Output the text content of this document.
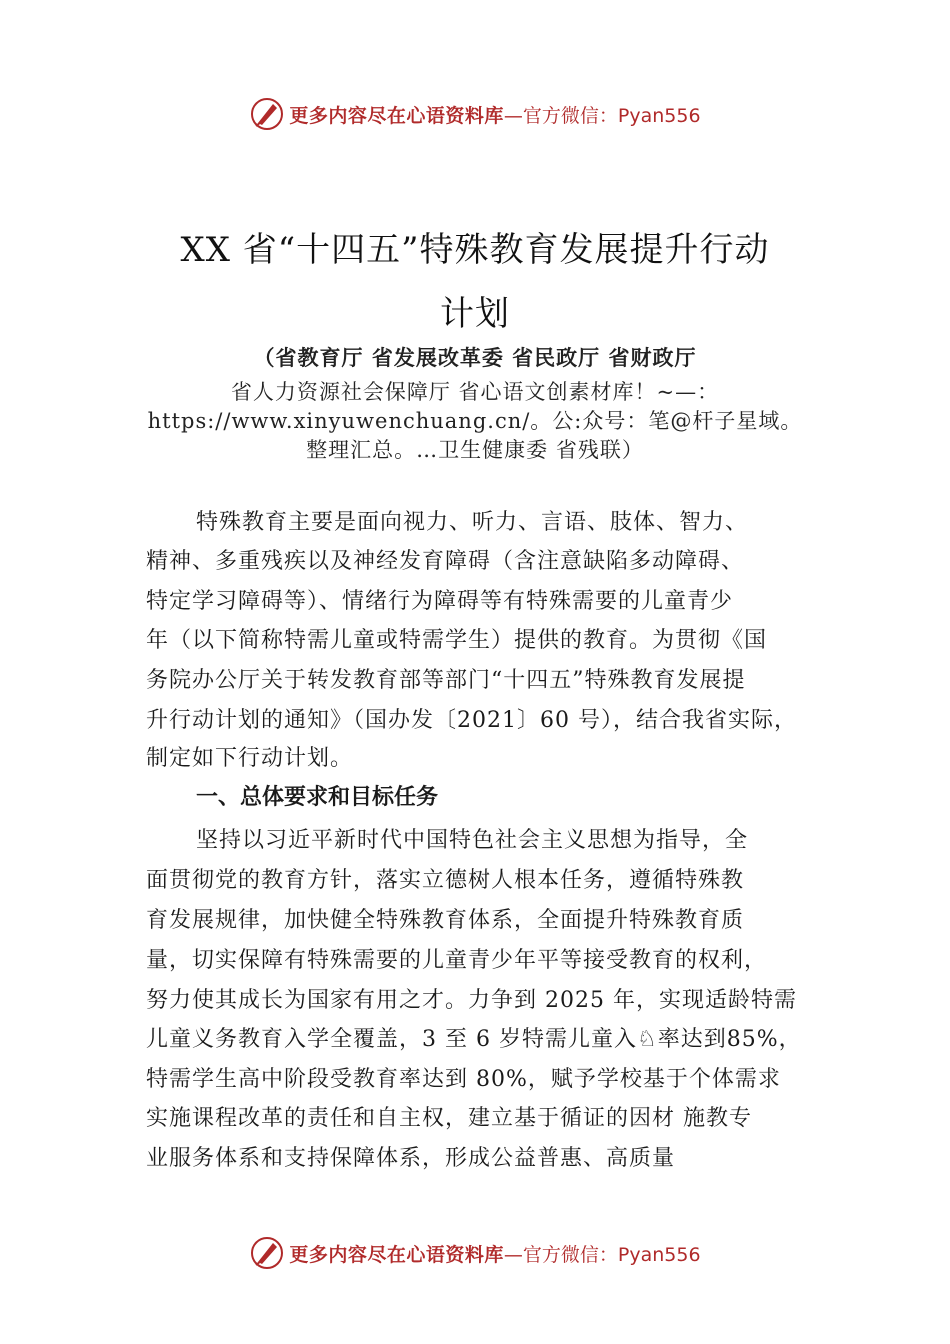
更多内容尽在心语资料库 —官方微信：Pyan556
XX 省“十四五”特殊教育发展提升行动
计划
（省教育厅 省发展改革委 省民政厅 省财政厅
省人力资源社会保障厅 省心语文创素材库！~—：
https://www.xinyuwenchuang.cn/。公:众号：笔@杆子星域。
整理汇总。…卫生健康委 省残联）
特殊教育主要是面向视力、听力、言语、肢体、智力、
精神、多重残疾以及神经发育障碍（含注意缺陷多动障碍、
特定学习障碍等）、情绪行为障碍等有特殊需要的儿童青少
年（以下简称特需儿童或特需学生）提供的教育。为贯彻《国
务院办公厅关于转发教育部等部门“十四五”特殊教育发展提
升行动计划的通知》（国办发〔2021〕60 号），结合我省实际，
制定如下行动计划。
一、总体要求和目标任务
坚持以习近平新时代中国特色社会主义思想为指导，全
面贯彻党的教育方针，落实立德树人根本任务，遵循特殊教
育发展规律，加快健全特殊教育体系，全面提升特殊教育质
量，切实保障有特殊需要的儿童青少年平等接受教育的权利，
努力使其成长为国家有用之才。力争到 2025 年，实现适龄特需
儿童义务教育入学全覆盖，3 至 6 岁特需儿童入♘率达到85%，
特需学生高中阶段受教育率达到 80%，赋予学校基于个体需求
实施课程改革的责任和自主权，建立基于循证的因材 施教专
业服务体系和支持保障体系，形成公益普惠、高质量
更多内容尽在心语资料库 —官方微信：Pyan556
